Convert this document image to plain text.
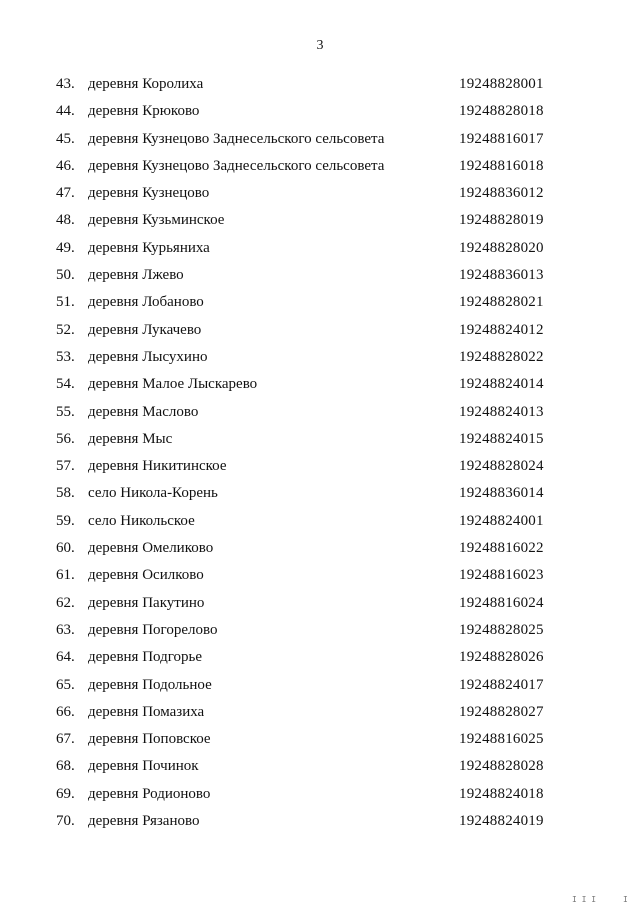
3
43. деревня Королиха	19248828001
44. деревня Крюково	19248828018
45. деревня Кузнецово Заднесельского сельсовета	19248816017
46. деревня Кузнецово Заднесельского сельсовета	19248816018
47. деревня Кузнецово	19248836012
48. деревня Кузьминское	19248828019
49. деревня Курьяниха	19248828020
50. деревня Лжево	19248836013
51. деревня Лобаново	19248828021
52. деревня Лукачево	19248824012
53. деревня Лысухино	19248828022
54. деревня Малое Лыскарево	19248824014
55. деревня Маслово	19248824013
56. деревня Мыс	19248824015
57. деревня Никитинское	19248828024
58. село Никола-Корень	19248836014
59. село Никольское	19248824001
60. деревня Омеликово	19248816022
61. деревня Осилково	19248816023
62. деревня Пакутино	19248816024
63. деревня Погорелово	19248828025
64. деревня Подгорье	19248828026
65. деревня Подольное	19248824017
66. деревня Помазиха	19248828027
67. деревня Поповское	19248816025
68. деревня Починок	19248828028
69. деревня Родионово	19248824018
70. деревня Рязаново	19248824019
I I I	I
